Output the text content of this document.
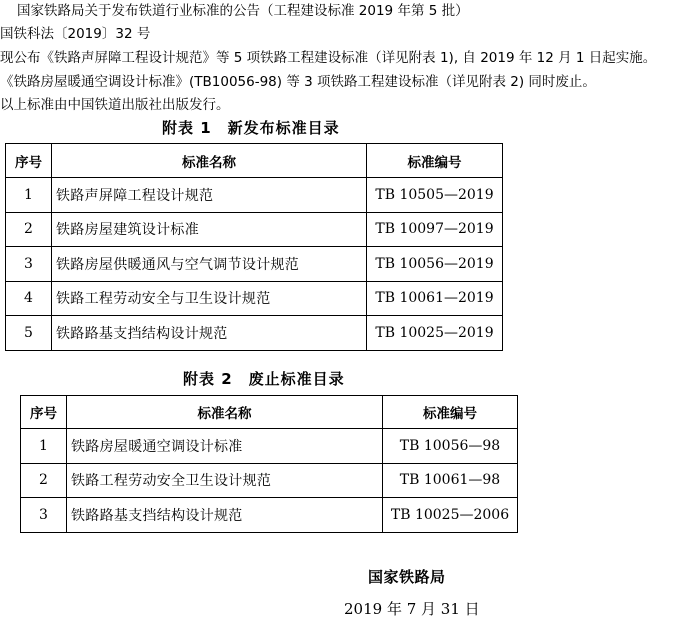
国家铁路局关于发布铁道行业标准的公告（工程建设标准 2019 年第 5 批）
国铁科法〔2019〕32 号
现公布《铁路声屏障工程设计规范》等 5 项铁路工程建设标准（详见附表 1), 自 2019 年 12 月 1 日起实施。
《铁路房屋暖通空调设计标准》(TB10056-98) 等 3 项铁路工程建设标准（详见附表 2) 同时废止。
以上标准由中国铁道出版社出版发行。
附表 1　新发布标准目录
序号	标准名称	标准编号
1	铁路声屏障工程设计规范	TB 10505—2019
2	铁路房屋建筑设计标准	TB 10097—2019
3	铁路房屋供暖通风与空气调节设计规范	TB 10056—2019
4	铁路工程劳动安全与卫生设计规范	TB 10061—2019
5	铁路路基支挡结构设计规范	TB 10025—2019
附表 2　废止标准目录
序号	标准名称	标准编号
1	铁路房屋暖通空调设计标准	TB 10056—98
2	铁路工程劳动安全卫生设计规范	TB 10061—98
3	铁路路基支挡结构设计规范	TB 10025—2006
国家铁路局
2019 年 7 月 31 日
